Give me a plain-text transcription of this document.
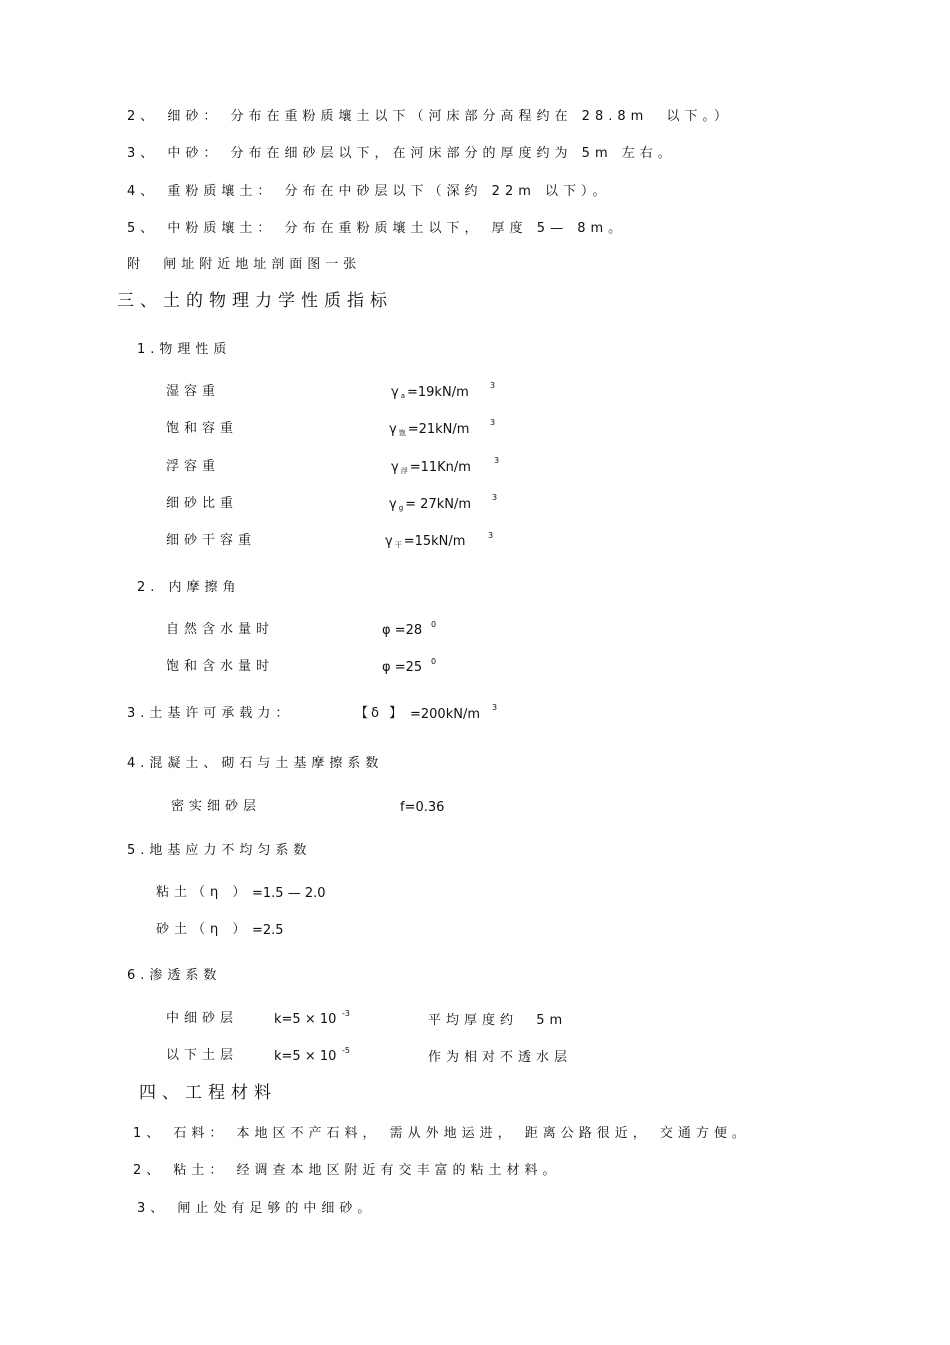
2、 细砂： 分布在重粉质壤土以下（河床部分高程约在 28.8m  以下。）
3、 中砂： 分布在细砂层以下，在河床部分的厚度约为 5m 左右。
4、 重粉质壤土： 分布在中砂层以下（深约 22m 以下）。
5、 中粉质壤土： 分布在重粉质壤土以下， 厚度 5— 8m。
附  闸址附近地址剖面图一张
三、土的物理力学性质指标
1.物理性质
湿容重	γ $_a$ =19kN/m	3
饱和容重	γ $_饱$ =21kN/m	3
浮容重	γ $_浮$ =11Kn/m	3
细砂比重	γ $_g$ = 27kN/m	3
细砂干容重	γ $_干$ =15kN/m	3
2. 内摩擦角
自然含水量时	φ =28 0
饱和含水量时	φ =25 0
3.土基许可承载力：	【δ 】 =200kN/m 3
4.混凝土、砌石与土基摩擦系数
密实细砂层	f=0.36
5.地基应力不均匀系数
粘土（η ） =1.5 — 2.0
砂土（η ） =2.5
6.渗透系数
中细砂层	k=5 × 10 -3	平均厚度约  5m
以下土层	k=5 × 10 -5	作为相对不透水层
四、工程材料
1、 石料： 本地区不产石料， 需从外地运进， 距离公路很近， 交通方便。
2、 粘土： 经调查本地区附近有交丰富的粘土材料。
3、 闸止处有足够的中细砂。
